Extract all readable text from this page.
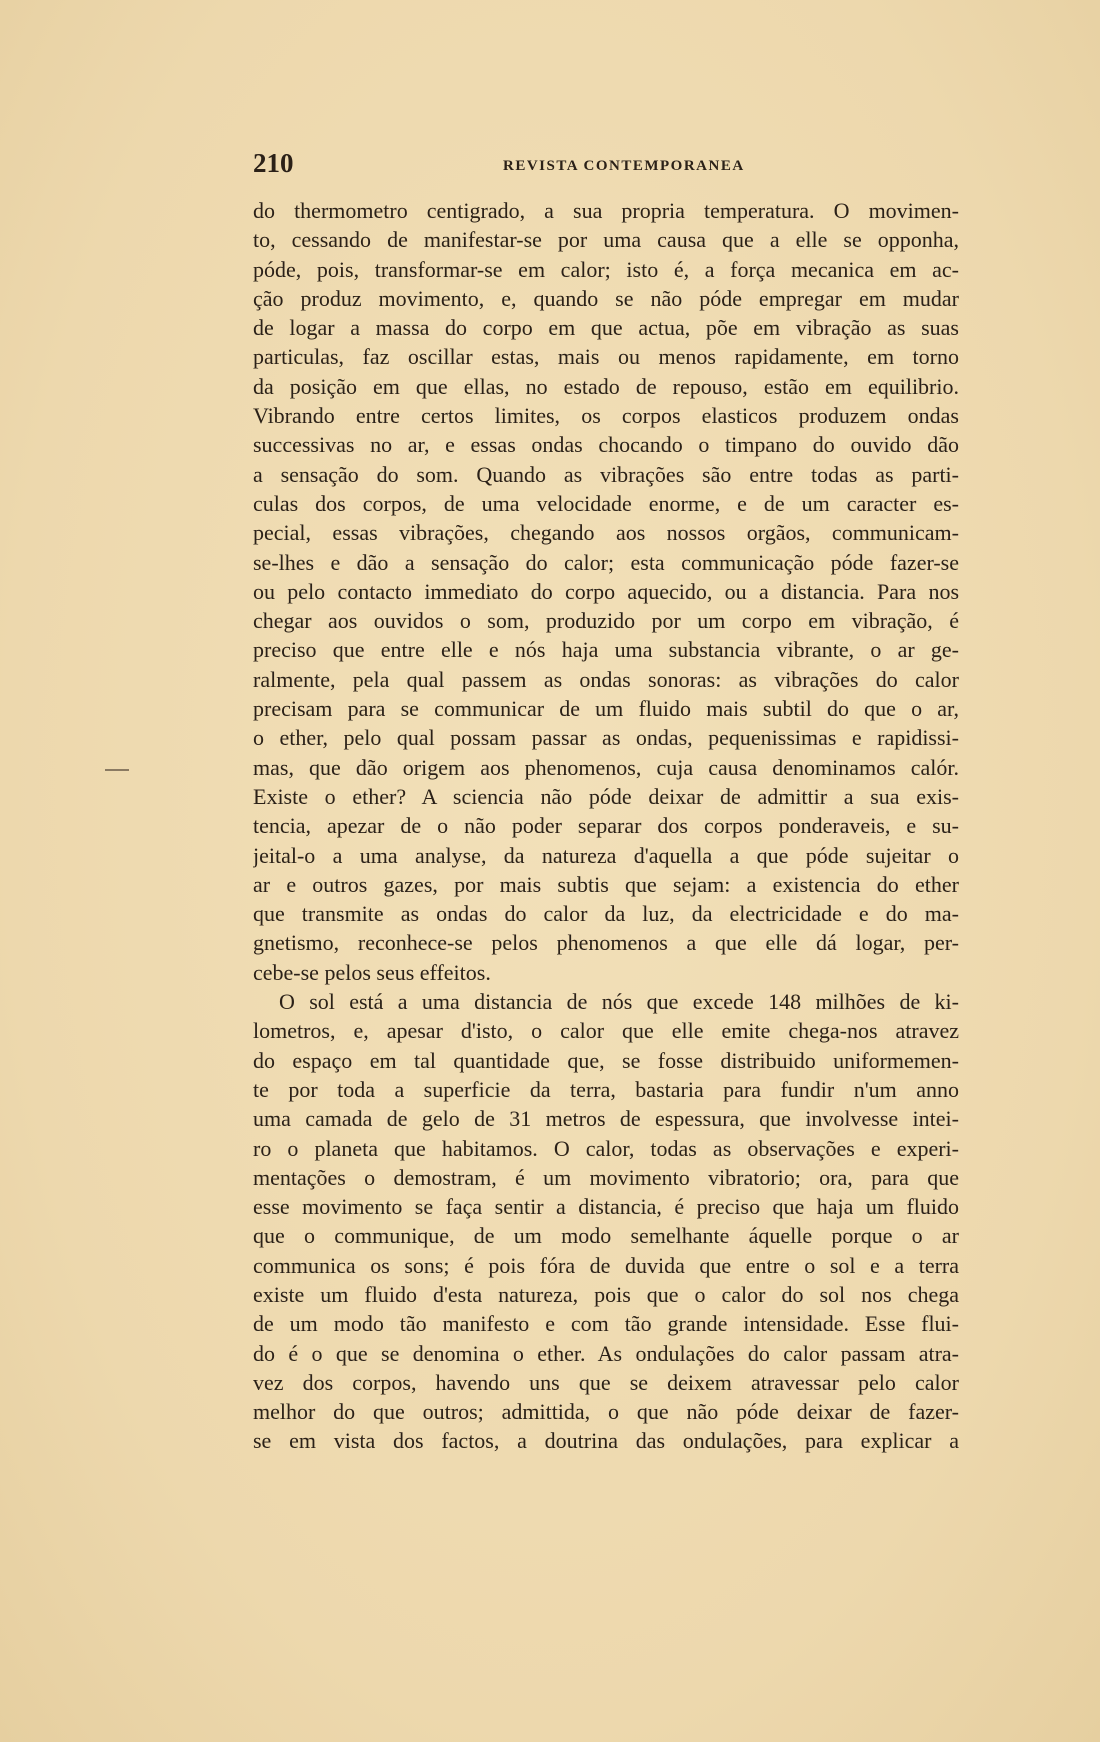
210	REVISTA CONTEMPORANEA
do thermometro centigrado, a sua propria temperatura. O movimen-
to, cessando de manifestar-se por uma causa que a elle se opponha,
póde, pois, transformar-se em calor; isto é, a força mecanica em ac-
ção produz movimento, e, quando se não póde empregar em mudar
de logar a massa do corpo em que actua, põe em vibração as suas
particulas, faz oscillar estas, mais ou menos rapidamente, em torno
da posição em que ellas, no estado de repouso, estão em equilibrio.
Vibrando entre certos limites, os corpos elasticos produzem ondas
successivas no ar, e essas ondas chocando o timpano do ouvido dão
a sensação do som. Quando as vibrações são entre todas as parti-
culas dos corpos, de uma velocidade enorme, e de um caracter es-
pecial, essas vibrações, chegando aos nossos orgãos, communicam-
se-lhes e dão a sensação do calor; esta communicação póde fazer-se
ou pelo contacto immediato do corpo aquecido, ou a distancia. Para nos
chegar aos ouvidos o som, produzido por um corpo em vibração, é
preciso que entre elle e nós haja uma substancia vibrante, o ar ge-
ralmente, pela qual passem as ondas sonoras: as vibrações do calor
precisam para se communicar de um fluido mais subtil do que o ar,
o ether, pelo qual possam passar as ondas, pequenissimas e rapidissi-
mas, que dão origem aos phenomenos, cuja causa denominamos calór.
Existe o ether? A sciencia não póde deixar de admittir a sua exis-
tencia, apezar de o não poder separar dos corpos ponderaveis, e su-
jeital-o a uma analyse, da natureza d'aquella a que póde sujeitar o
ar e outros gazes, por mais subtis que sejam: a existencia do ether
que transmite as ondas do calor da luz, da electricidade e do ma-
gnetismo, reconhece-se pelos phenomenos a que elle dá logar, per-
cebe-se pelos seus effeitos.
O sol está a uma distancia de nós que excede 148 milhões de ki-
lometros, e, apesar d'isto, o calor que elle emite chega-nos atravez
do espaço em tal quantidade que, se fosse distribuido uniformemen-
te por toda a superficie da terra, bastaria para fundir n'um anno
uma camada de gelo de 31 metros de espessura, que involvesse intei-
ro o planeta que habitamos. O calor, todas as observações e experi-
mentações o demostram, é um movimento vibratorio; ora, para que
esse movimento se faça sentir a distancia, é preciso que haja um fluido
que o communique, de um modo semelhante áquelle porque o ar
communica os sons; é pois fóra de duvida que entre o sol e a terra
existe um fluido d'esta natureza, pois que o calor do sol nos chega
de um modo tão manifesto e com tão grande intensidade. Esse flui-
do é o que se denomina o ether. As ondulações do calor passam atra-
vez dos corpos, havendo uns que se deixem atravessar pelo calor
melhor do que outros; admittida, o que não póde deixar de fazer-
se em vista dos factos, a doutrina das ondulações, para explicar a
